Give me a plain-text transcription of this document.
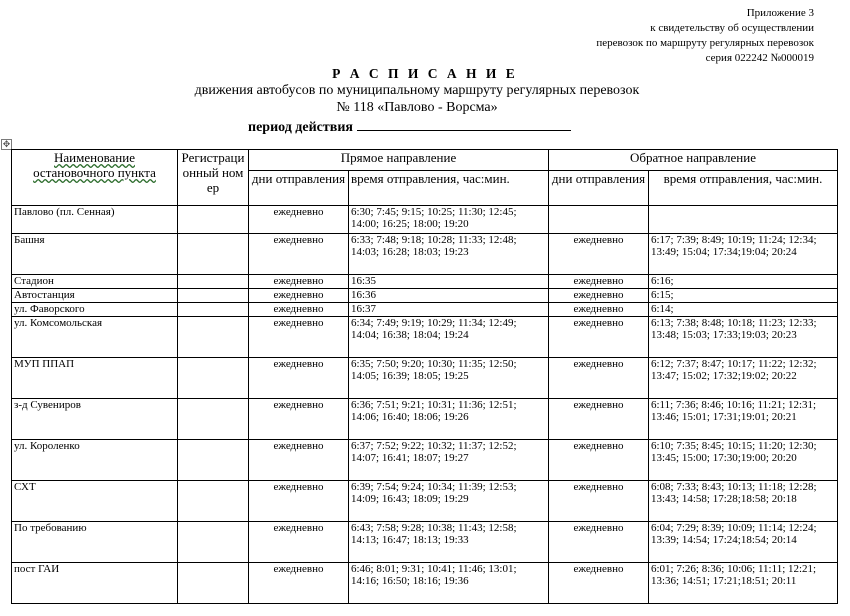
Приложение 3
к свидетельству об осуществлении
перевозок по маршруту регулярных перевозок
серия 022242 №000019
Р А С П И С А Н И Е
движения автобусов по муниципальному маршруту регулярных перевозок
№ 118 «Павлово - Ворсма»
период действия
✥
Наименование остановочного пункта	Регистрационный номер	Прямое направление		Обратное направление	
		дни отправления	время отправления, час:мин.	дни отправления	время отправления, час:мин.
Павлово (пл. Сенная)		ежедневно	6:30; 7:45; 9:15; 10:25; 11:30; 12:45; 14:00; 16:25; 18:00; 19:20		
Башня		ежедневно	6:33; 7:48; 9:18; 10:28; 11:33; 12:48; 14:03; 16:28; 18:03; 19:23	ежедневно	6:17; 7:39; 8:49; 10:19; 11:24; 12:34; 13:49; 15:04; 17:34;19:04; 20:24
Стадион		ежедневно	16:35	ежедневно	6:16;
Автостанция		ежедневно	16:36	ежедневно	6:15;
ул. Фаворского		ежедневно	16:37	ежедневно	6:14;
ул. Комсомольская		ежедневно	6:34; 7:49; 9:19; 10:29; 11:34; 12:49; 14:04; 16:38; 18:04; 19:24	ежедневно	6:13; 7:38; 8:48; 10:18; 11:23; 12:33; 13:48; 15:03; 17:33;19:03; 20:23
МУП ППАП		ежедневно	6:35; 7:50; 9:20; 10:30; 11:35; 12:50; 14:05; 16:39; 18:05; 19:25	ежедневно	6:12; 7:37; 8:47; 10:17; 11:22; 12:32; 13:47; 15:02; 17:32;19:02; 20:22
з-д Сувениров		ежедневно	6:36; 7:51; 9:21; 10:31; 11:36; 12:51; 14:06; 16:40; 18:06; 19:26	ежедневно	6:11; 7:36; 8:46; 10:16; 11:21; 12:31; 13:46; 15:01; 17:31;19:01; 20:21
ул. Короленко		ежедневно	6:37; 7:52; 9:22; 10:32; 11:37; 12:52; 14:07; 16:41; 18:07; 19:27	ежедневно	6:10; 7:35; 8:45; 10:15; 11:20; 12:30; 13:45; 15:00; 17:30;19:00; 20:20
СХТ		ежедневно	6:39; 7:54; 9:24; 10:34; 11:39; 12:53; 14:09; 16:43; 18:09; 19:29	ежедневно	6:08; 7:33; 8:43; 10:13; 11:18; 12:28; 13:43; 14:58; 17:28;18:58; 20:18
По требованию		ежедневно	6:43; 7:58; 9:28; 10:38; 11:43; 12:58; 14:13; 16:47; 18:13; 19:33	ежедневно	6:04; 7:29; 8:39; 10:09; 11:14; 12:24; 13:39; 14:54; 17:24;18:54; 20:14
пост ГАИ		ежедневно	6:46; 8:01; 9:31; 10:41; 11:46; 13:01; 14:16; 16:50; 18:16; 19:36	ежедневно	6:01; 7:26; 8:36; 10:06; 11:11; 12:21; 13:36; 14:51; 17:21;18:51; 20:11
